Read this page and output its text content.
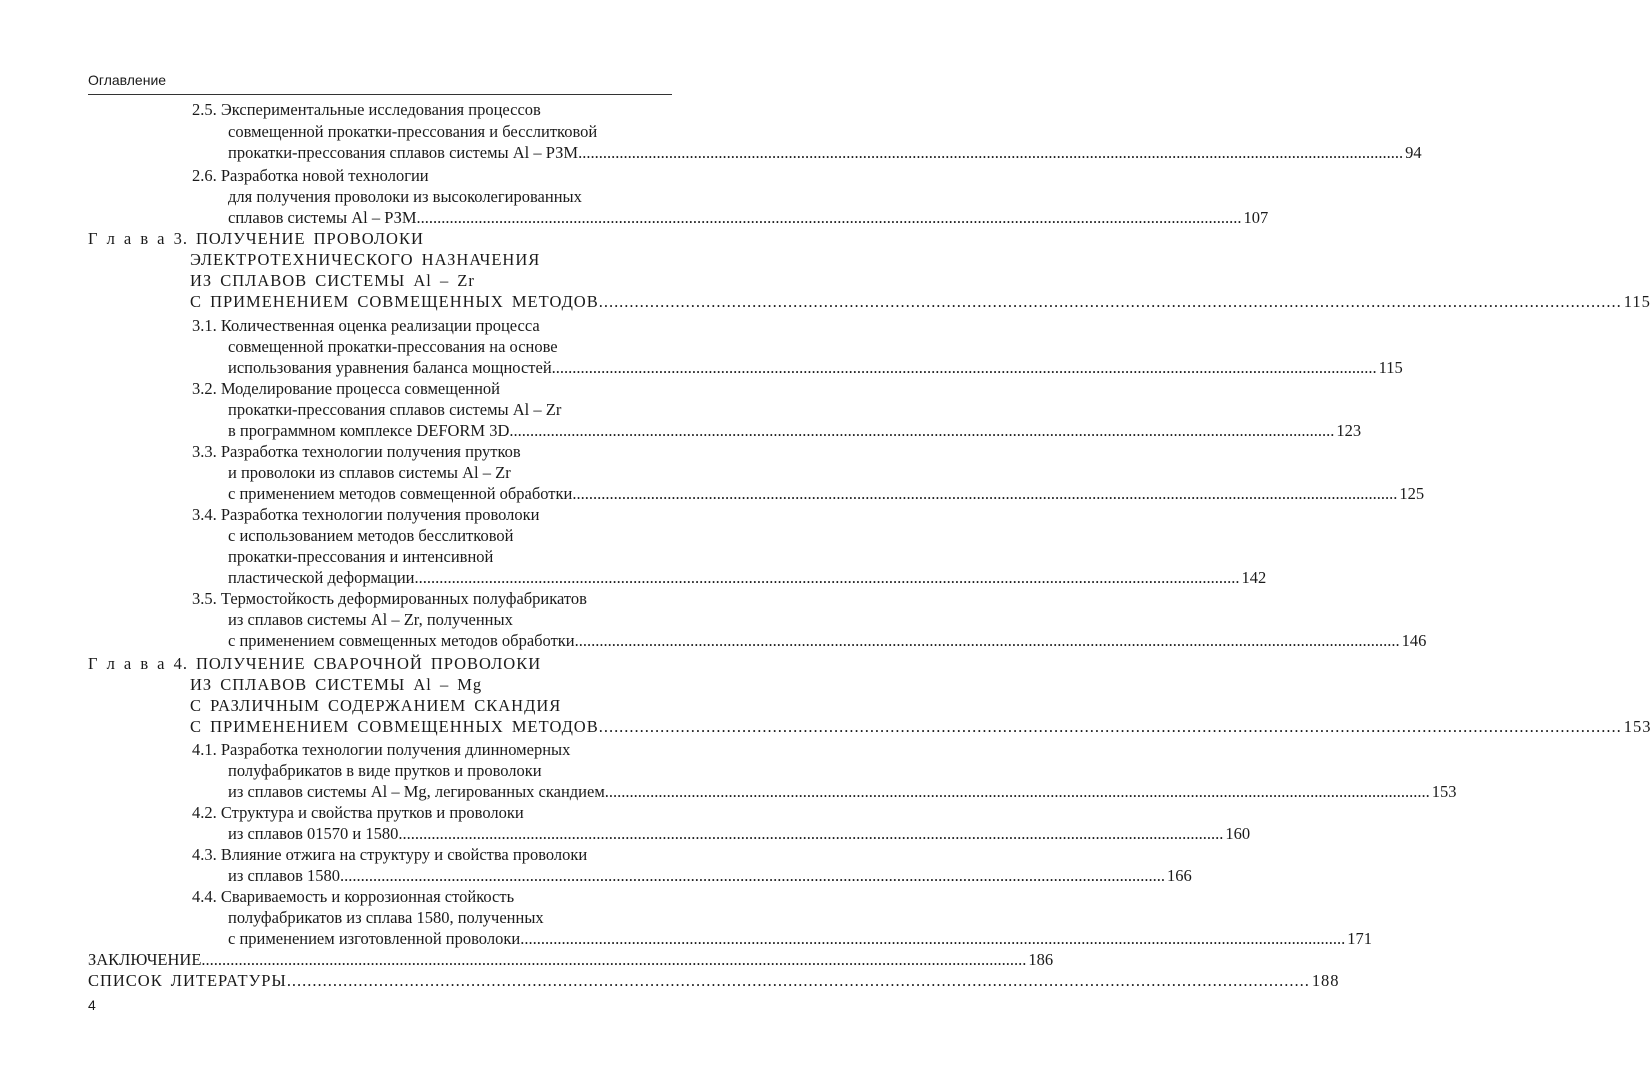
Оглавление
2.5. Экспериментальные исследования процессов
совмещенной прокатки-прессования и бесслитковой
прокатки-прессования сплавов системы Al – РЗМ ........................................................................................................................................................................................................ 94
2.6. Разработка новой технологии
для получения проволоки из высоколегированных
сплавов системы Al – РЗМ ........................................................................................................................................................................................................ 107
Г л а в а 3. ПОЛУЧЕНИЕ ПРОВОЛОКИ
ЭЛЕКТРОТЕХНИЧЕСКОГО НАЗНАЧЕНИЯ
ИЗ СПЛАВОВ СИСТЕМЫ Al – Zr
С ПРИМЕНЕНИЕМ СОВМЕЩЕННЫХ МЕТОДОВ ........................................................................................................................................................................................................ 115
3.1. Количественная оценка реализации процесса
совмещенной прокатки-прессования на основе
использования уравнения баланса мощностей ........................................................................................................................................................................................................ 115
3.2. Моделирование процесса совмещенной
прокатки-прессования сплавов системы Al – Zr
в программном комплексе DEFORM 3D ........................................................................................................................................................................................................ 123
3.3. Разработка технологии получения прутков
и проволоки из сплавов системы Al – Zr
с применением методов совмещенной обработки ........................................................................................................................................................................................................ 125
3.4. Разработка технологии получения проволоки
с использованием методов бесслитковой
прокатки-прессования и интенсивной
пластической деформации ........................................................................................................................................................................................................ 142
3.5. Термостойкость деформированных полуфабрикатов
из сплавов системы Al – Zr, полученных
с применением совмещенных методов обработки ........................................................................................................................................................................................................ 146
Г л а в а 4. ПОЛУЧЕНИЕ СВАРОЧНОЙ ПРОВОЛОКИ
ИЗ СПЛАВОВ СИСТЕМЫ Al – Mg
С РАЗЛИЧНЫМ СОДЕРЖАНИЕМ СКАНДИЯ
С ПРИМЕНЕНИЕМ СОВМЕЩЕННЫХ МЕТОДОВ ........................................................................................................................................................................................................ 153
4.1. Разработка технологии получения длинномерных
полуфабрикатов в виде прутков и проволоки
из сплавов системы Al – Mg, легированных скандием ........................................................................................................................................................................................................ 153
4.2. Структура и свойства прутков и проволоки
из сплавов 01570 и 1580 ........................................................................................................................................................................................................ 160
4.3. Влияние отжига на структуру и свойства проволоки
из сплавов 1580 ........................................................................................................................................................................................................ 166
4.4. Свариваемость и коррозионная стойкость
полуфабрикатов из сплава 1580, полученных
с применением изготовленной проволоки ........................................................................................................................................................................................................ 171
ЗАКЛЮЧЕНИЕ ........................................................................................................................................................................................................ 186
СПИСОК ЛИТЕРАТУРЫ ........................................................................................................................................................................................................ 188
4
